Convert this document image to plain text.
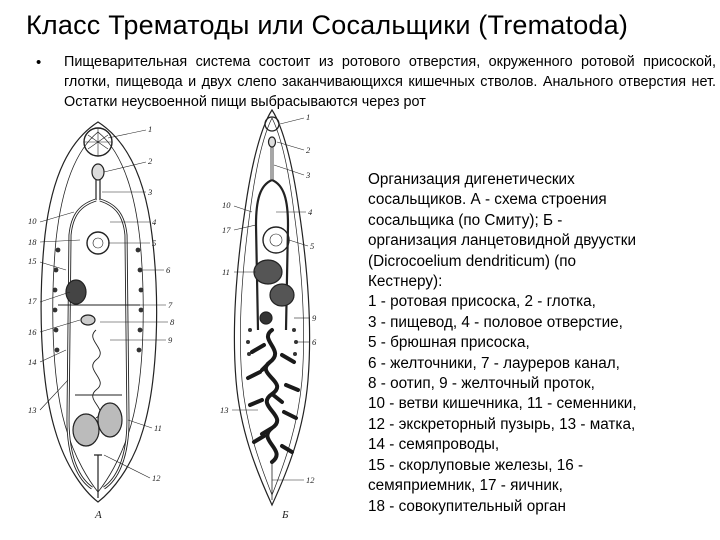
Класс Трематоды или Сосальщики (Trematoda)
• Пищеварительная система состоит из ротового отверстия, окруженного ротовой присоской, глотки, пищевода и двух слепо заканчивающихся кишечных стволов. Анального отверстия нет. Остатки неусвоенной пищи выбрасываются через рот
1
2
3
4
5
6
7
8
9
10
11
12
13
14
15
16
17
18
А
1
2
3
4
5
6
9
10
11
12
13
17
Б
Организация дигенетических
сосальщиков. А - схема строения
сосальщика (по Смиту); Б -
организация ланцетовидной двуустки
(Dicrocoelium dendriticum) (по
Кестнеру):
1 - ротовая присоска, 2 - глотка,
3 - пищевод, 4 - половое отверстие,
5 - брюшная присоска,
6 - желточники, 7 - лауреров канал,
8 - оотип, 9 - желточный проток,
10 - ветви кишечника, 11 - семенники,
12 - экскреторный пузырь, 13 - матка,
14 - семяпроводы,
15 - скорлуповые железы, 16 -
семяприемник, 17 - яичник,
18 - совокупительный орган
